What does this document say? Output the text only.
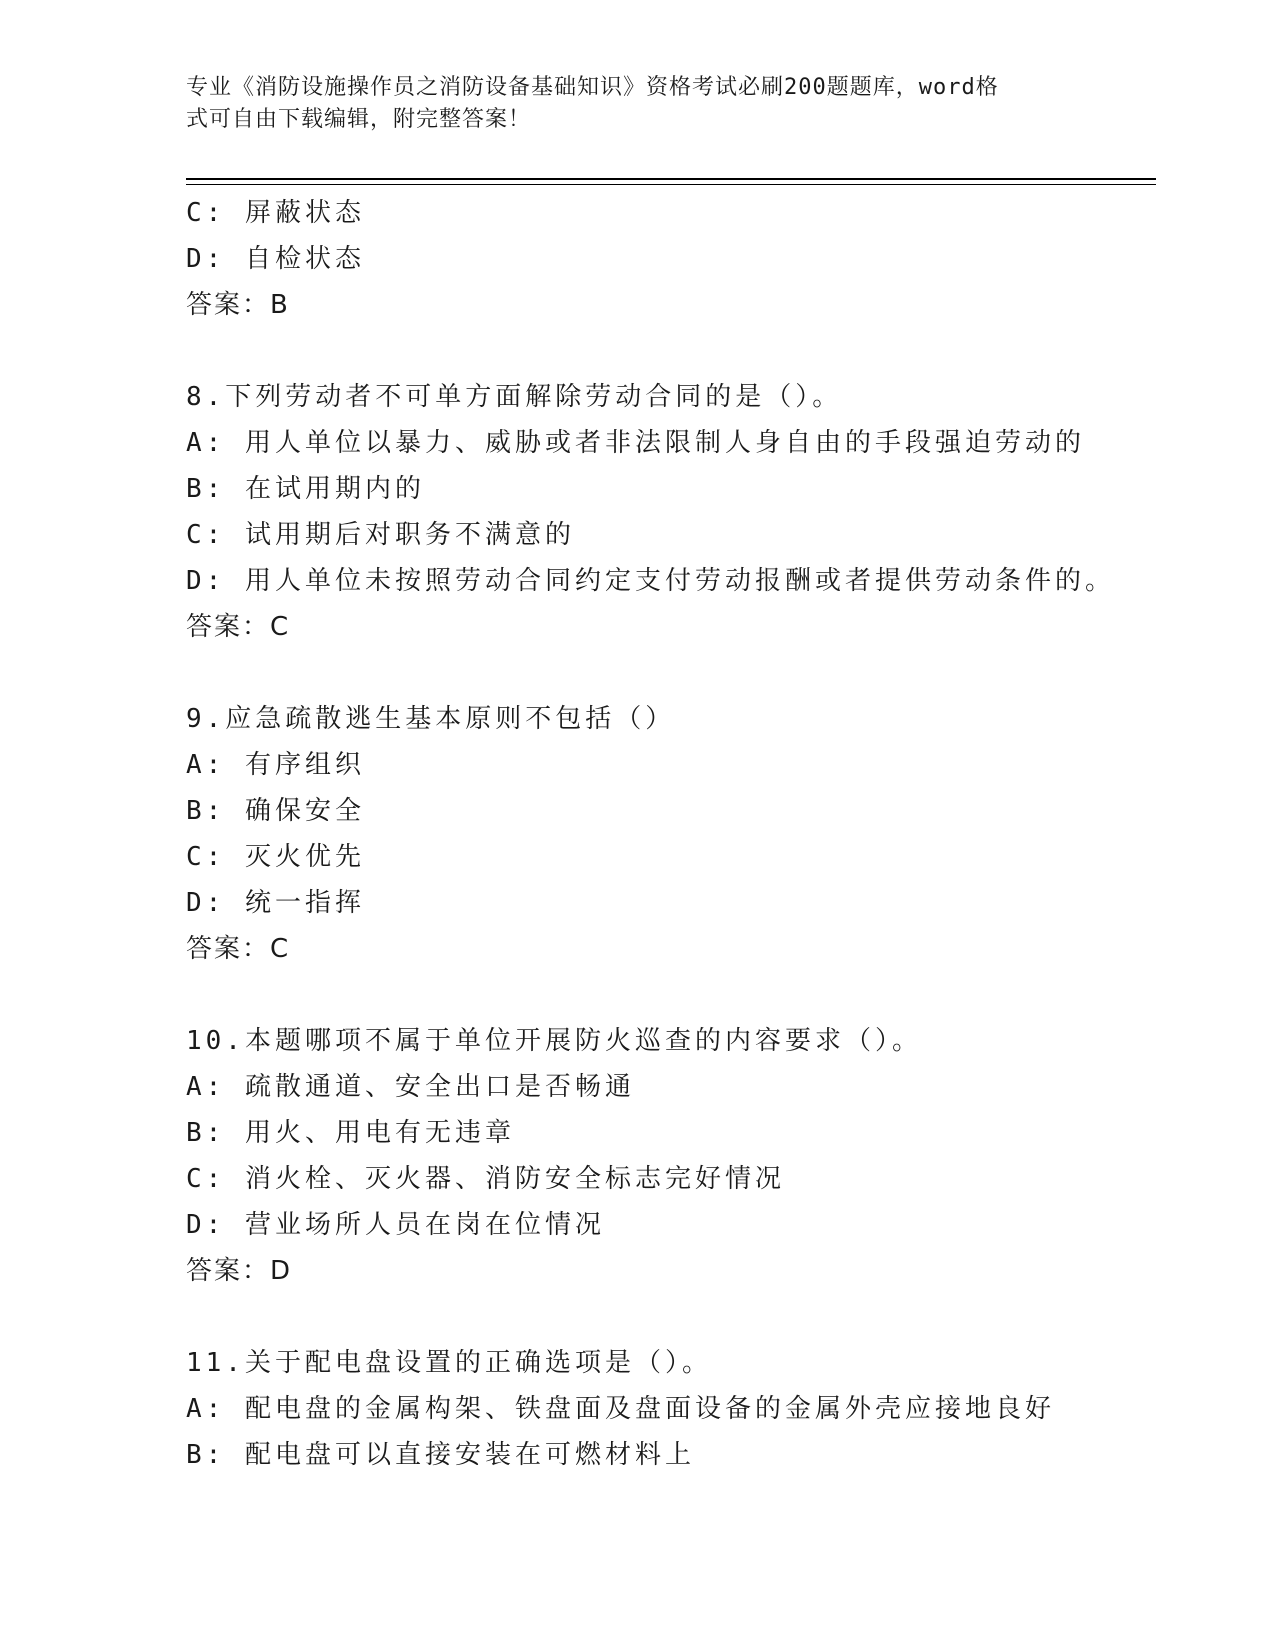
专业《消防设施操作员之消防设备基础知识》资格考试必刷200题题库，word格
式可自由下载编辑，附完整答案！
C: 屏蔽状态
D: 自检状态
答案：B
8.下列劳动者不可单方面解除劳动合同的是（）。
A: 用人单位以暴力、威胁或者非法限制人身自由的手段强迫劳动的
B: 在试用期内的
C: 试用期后对职务不满意的
D: 用人单位未按照劳动合同约定支付劳动报酬或者提供劳动条件的。
答案：C
9.应急疏散逃生基本原则不包括（）
A: 有序组织
B: 确保安全
C: 灭火优先
D: 统一指挥
答案：C
10.本题哪项不属于单位开展防火巡查的内容要求（）。
A: 疏散通道、安全出口是否畅通
B: 用火、用电有无违章
C: 消火栓、灭火器、消防安全标志完好情况
D: 营业场所人员在岗在位情况
答案：D
11.关于配电盘设置的正确选项是（）。
A: 配电盘的金属构架、铁盘面及盘面设备的金属外壳应接地良好
B: 配电盘可以直接安装在可燃材料上
